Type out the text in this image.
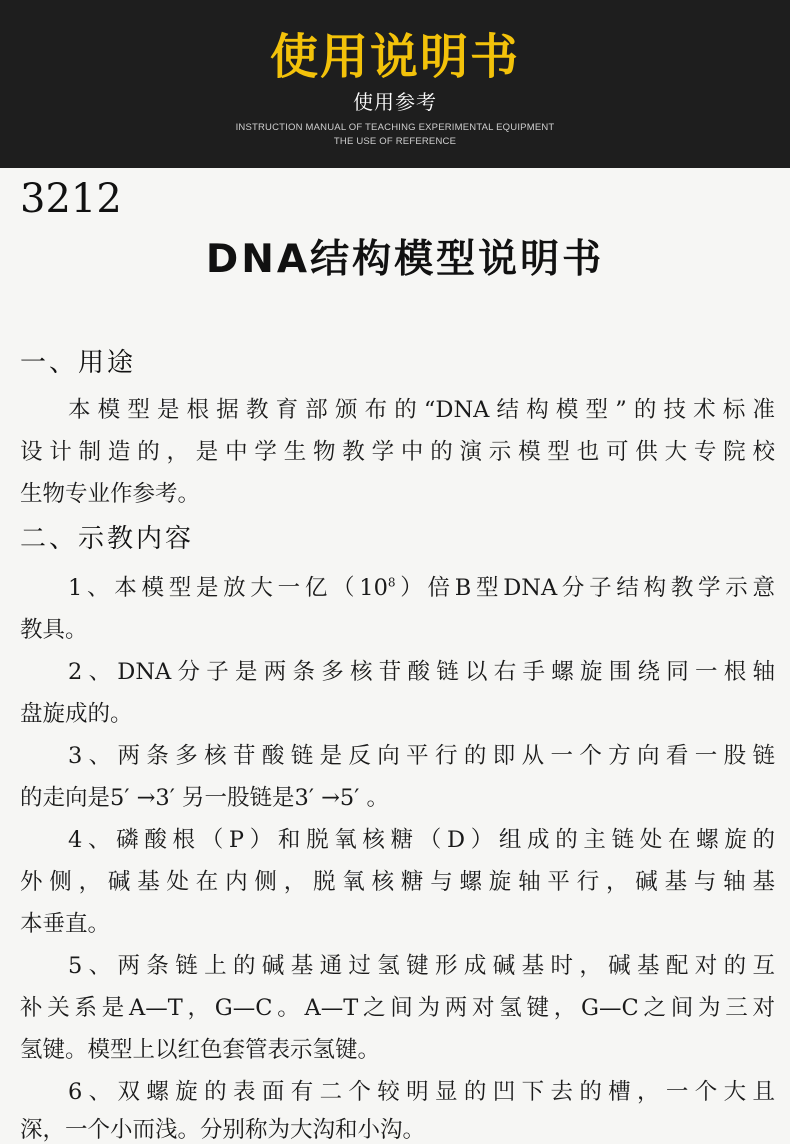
使用说明书
使用参考
INSTRUCTION MANUAL OF TEACHING EXPERIMENTAL EQUIPMENT
THE USE OF REFERENCE
3212
DNA结构模型说明书
一、用途
本模型是根据教育部颁布的“DNA结构模型”的技术标准
设计制造的，是中学生物教学中的演示模型也可供大专院校
生物专业作参考。
二、示教内容
1、本模型是放大一亿$(10^8)$倍B型DNA分子结构教学示意
教具。
2、DNA分子是两条多核苷酸链以右手螺旋围绕同一根轴
盘旋成的。
3、两条多核苷酸链是反向平行的即从一个方向看一股链
的走向是5′ →3′ 另一股链是3′ →5′ 。
4、磷酸根（P）和脱氧核糖（D）组成的主链处在螺旋的
外侧，碱基处在内侧，脱氧核糖与螺旋轴平行，碱基与轴基
本垂直。
5、两条链上的碱基通过氢键形成碱基时，碱基配对的互
补关系是A—T，G—C。A—T之间为两对氢键，G—C之间为三对
氢键。模型上以红色套管表示氢键。
6、双螺旋的表面有二个较明显的凹下去的槽，一个大且
深，一个小而浅。分别称为大沟和小沟。
